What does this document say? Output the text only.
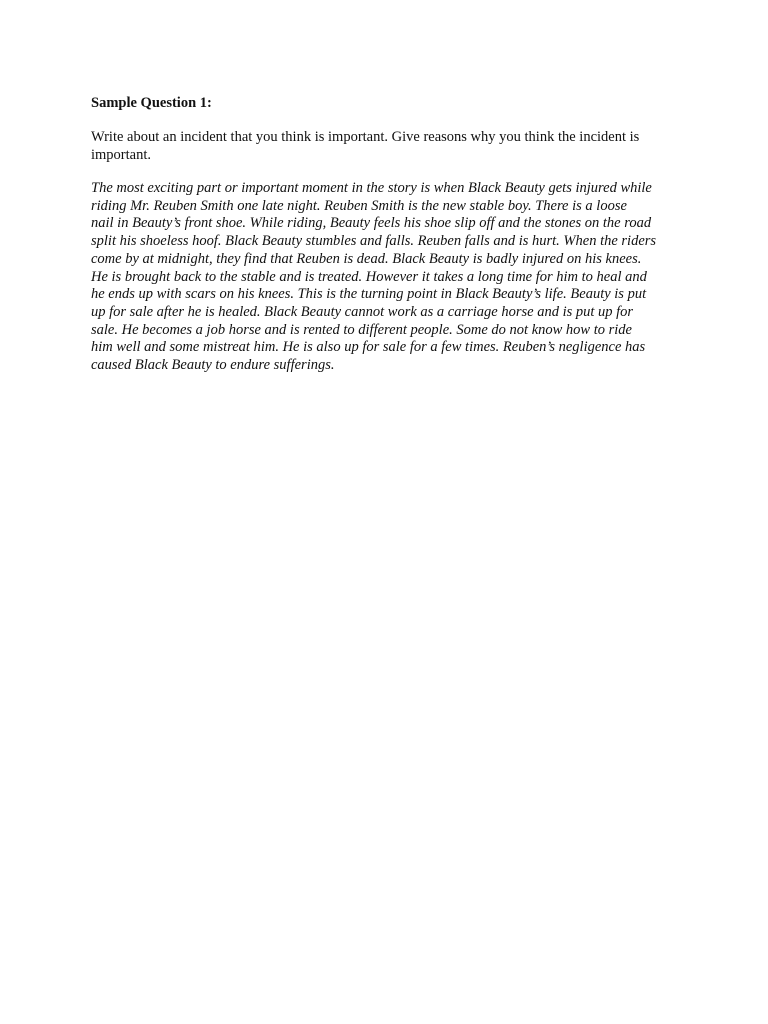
Sample Question 1:

Write about an incident that you think is important. Give reasons why you think the incident is
important.

The most exciting part or important moment in the story is when Black Beauty gets injured while
riding Mr. Reuben Smith one late night. Reuben Smith is the new stable boy. There is a loose
nail in Beauty’s front shoe. While riding, Beauty feels his shoe slip off and the stones on the road
split his shoeless hoof. Black Beauty stumbles and falls. Reuben falls and is hurt. When the riders
come by at midnight, they find that Reuben is dead. Black Beauty is badly injured on his knees.
He is brought back to the stable and is treated. However it takes a long time for him to heal and
he ends up with scars on his knees. This is the turning point in Black Beauty’s life. Beauty is put
up for sale after he is healed. Black Beauty cannot work as a carriage horse and is put up for
sale. He becomes a job horse and is rented to different people. Some do not know how to ride
him well and some mistreat him. He is also up for sale for a few times. Reuben’s negligence has
caused Black Beauty to endure sufferings.
